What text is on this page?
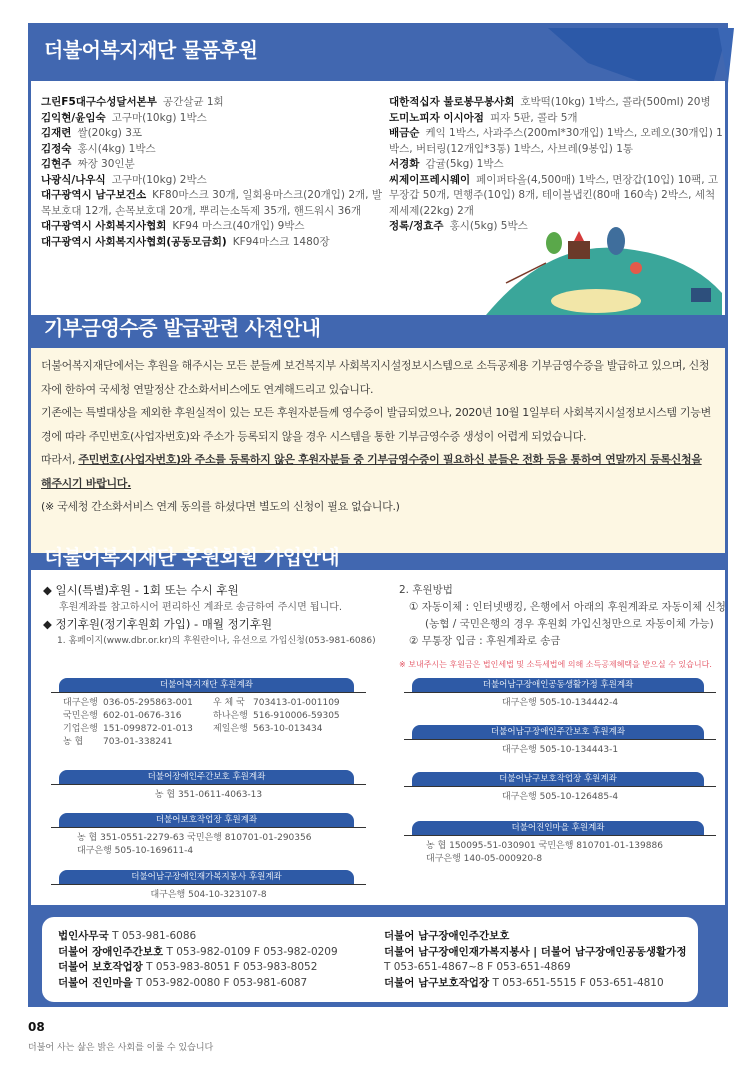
더불어복지재단 물품후원
그린F5대구수성달서본부 공간살균 1회
김익현/윤임숙 고구마(10kg) 1박스
김재련 쌀(20kg) 3포
김정숙 홍시(4kg) 1박스
김현주 짜장 30인분
나광식/나우식 고구마(10kg) 2박스
대구광역시 남구보건소 KF80마스크 30개, 일회용마스크(20개입) 2개, 발목보호대 12개, 손목보호대 20개, 뿌리는소독제 35개, 핸드워시 36개
대구광역시 사회복지사협회 KF94 마스크(40개입) 9박스
대구광역시 사회복지사협회(공동모금회) KF94마스크 1480장
대한적십자 불로봉무봉사회 호박떡(10kg) 1박스, 콜라(500ml) 20병
도미노피자 이시아점 피자 5판, 콜라 5개
배금순 케익 1박스, 사과주스(200ml*30개입) 1박스, 오레오(30개입) 1박스, 버터링(12개입*3통) 1박스, 사브레(9봉입) 1통
서경화 감귤(5kg) 1박스
씨제이프레시웨이 페이퍼타올(4,500매) 1박스, 면장갑(10입) 10팩, 고무장갑 50개, 면행주(10입) 8개, 테이블냅킨(80매 160속) 2박스, 세척제세제(22kg) 2개
정록/정효주 홍시(5kg) 5박스
기부금영수증 발급관련 사전안내
더불어복지재단에서는 후원을 해주시는 모든 분들께 보건복지부 사회복지시설정보시스템으로 소득공제용 기부금영수증을 발급하고 있으며, 신청자에 한하여 국세청 연말정산 간소화서비스에도 연계해드리고 있습니다.
기존에는 특별대상을 제외한 후원실적이 있는 모든 후원자분들께 영수증이 발급되었으나, 2020년 10월 1일부터 사회복지시설정보시스템 기능변경에 따라 주민번호(사업자번호)와 주소가 등록되지 않을 경우 시스템을 통한 기부금영수증 생성이 어렵게 되었습니다.
따라서, 주민번호(사업자번호)와 주소를 등록하지 않은 후원자분들 중 기부금영수증이 필요하신 분들은 전화 등을 통하여 연말까지 등록신청을 해주시기 바랍니다.
(※ 국세청 간소화서비스 연계 동의를 하셨다면 별도의 신청이 필요 없습니다.)
더불어복지재단 후원회원 가입안내
◆ 일시(특별)후원 - 1회 또는 수시 후원
후원계좌를 참고하시어 편리하신 계좌로 송금하여 주시면 됩니다.
◆ 정기후원(정기후원회 가입) - 매월 정기후원
1. 홈페이지(www.dbr.or.kr)의 후원란이나, 유선으로 가입신청(053-981-6086)
2. 후원방법
① 자동이체 : 인터넷뱅킹, 은행에서 아래의 후원계좌로 자동이체 신청
(농협 / 국민은행의 경우 후원회 가입신청만으로 자동이체 가능)
② 무통장 입금 : 후원계좌로 송금
※ 보내주시는 후원금은 법인세법 및 소득세법에 의해 소득공제혜택을 받으실 수 있습니다.
더불어복지재단 후원계좌
대구은행 036-05-295863-001	우 체 국 703413-01-001109
국민은행 602-01-0676-316	하나은행 516-910006-59305
기업은행 151-099872-01-013	제일은행 563-10-013434
농 협	703-01-338241
더불어장애인주간보호 후원계좌
농 협 351-0611-4063-13
더불어보호작업장 후원계좌
농 협 351-0551-2279-63 국민은행 810701-01-290356
대구은행 505-10-169611-4
더불어남구장애인재가복지봉사 후원계좌
대구은행 504-10-323107-8
더불어남구장애인공동생활가정 후원계좌
대구은행 505-10-134442-4
더불어남구장애인주간보호 후원계좌
대구은행 505-10-134443-1
더불어남구보호작업장 후원계좌
대구은행 505-10-126485-4
더불어진인마을 후원계좌
농 협 150095-51-030901 국민은행 810701-01-139886
대구은행 140-05-000920-8
법인사무국 T 053-981-6086
더불어 장애인주간보호 T 053-982-0109 F 053-982-0209
더불어 보호작업장 T 053-983-8051 F 053-983-8052
더불어 진인마을 T 053-982-0080 F 053-981-6087
더불어 남구장애인주간보호
더불어 남구장애인재가복지봉사 | 더불어 남구장애인공동생활가정
T 053-651-4867~8 F 053-651-4869
더불어 남구보호작업장 T 053-651-5515 F 053-651-4810
08
더불어 사는 삶은 밝은 사회를 이룰 수 있습니다
